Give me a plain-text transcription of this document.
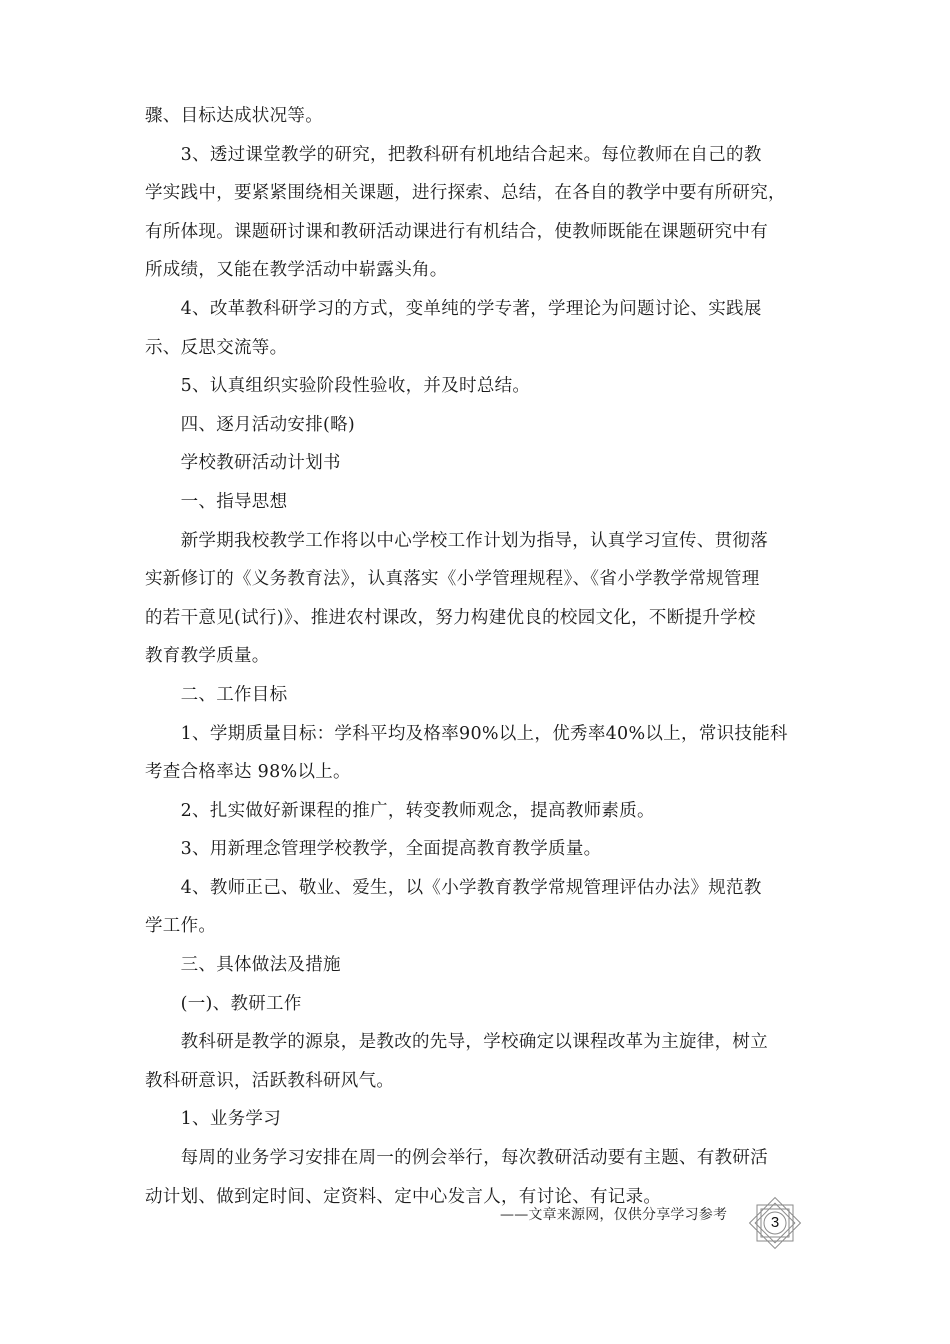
骤、目标达成状况等。

　　3、透过课堂教学的研究，把教科研有机地结合起来。每位教师在自己的教

学实践中，要紧紧围绕相关课题，进行探索、总结，在各自的教学中要有所研究，

有所体现。课题研讨课和教研活动课进行有机结合，使教师既能在课题研究中有

所成绩，又能在教学活动中崭露头角。

　　4、改革教科研学习的方式，变单纯的学专著，学理论为问题讨论、实践展

示、反思交流等。

　　5、认真组织实验阶段性验收，并及时总结。

　　四、逐月活动安排(略)

　　学校教研活动计划书

　　一、指导思想

　　新学期我校教学工作将以中心学校工作计划为指导，认真学习宣传、贯彻落

实新修订的《义务教育法》，认真落实《小学管理规程》、《省小学教学常规管理

的若干意见(试行)》、推进农村课改，努力构建优良的校园文化，不断提升学校

教育教学质量。

　　二、工作目标

　　1、学期质量目标：学科平均及格率90%以上，优秀率40%以上，常识技能科

考查合格率达 98%以上。

　　2、扎实做好新课程的推广，转变教师观念，提高教师素质。

　　3、用新理念管理学校教学，全面提高教育教学质量。

　　4、教师正己、敬业、爱生，以《小学教育教学常规管理评估办法》规范教

学工作。

　　三、具体做法及措施

　　(一)、教研工作

　　教科研是教学的源泉，是教改的先导，学校确定以课程改革为主旋律，树立

教科研意识，活跃教科研风气。

　　1、业务学习

　　每周的业务学习安排在周一的例会举行，每次教研活动要有主题、有教研活

动计划、做到定时间、定资料、定中心发言人，有讨论、有记录。

——文章来源网，仅供分享学习参考	3
